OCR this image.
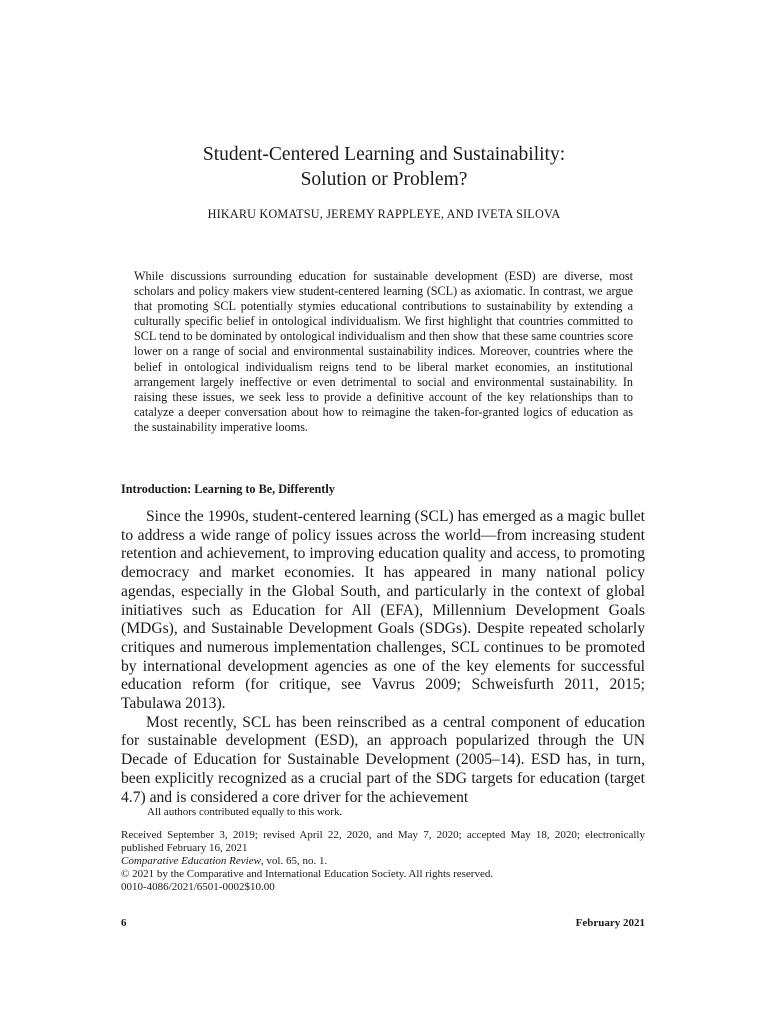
Student-Centered Learning and Sustainability:
Solution or Problem?
HIKARU KOMATSU, JEREMY RAPPLEYE, AND IVETA SILOVA
While discussions surrounding education for sustainable development (ESD) are diverse, most scholars and policy makers view student-centered learning (SCL) as axiomatic. In contrast, we argue that promoting SCL potentially stymies educational contributions to sustainability by extending a culturally specific belief in ontological individualism. We first highlight that countries committed to SCL tend to be dominated by ontological individualism and then show that these same countries score lower on a range of social and environmental sustainability indices. Moreover, countries where the belief in ontological individualism reigns tend to be liberal market economies, an institutional arrangement largely ineffective or even detrimental to social and environmental sustainability. In raising these issues, we seek less to provide a definitive account of the key relationships than to catalyze a deeper conversation about how to reimagine the taken-for-granted logics of education as the sustainability imperative looms.
Introduction: Learning to Be, Differently

Since the 1990s, student-centered learning (SCL) has emerged as a magic bullet to address a wide range of policy issues across the world—from increasing student retention and achievement, to improving education quality and access, to promoting democracy and market economies. It has appeared in many national policy agendas, especially in the Global South, and particularly in the context of global initiatives such as Education for All (EFA), Millennium Development Goals (MDGs), and Sustainable Development Goals (SDGs). Despite repeated scholarly critiques and numerous implementation challenges, SCL continues to be promoted by international development agencies as one of the key elements for successful education reform (for critique, see Vavrus 2009; Schweisfurth 2011, 2015; Tabulawa 2013).

Most recently, SCL has been reinscribed as a central component of education for sustainable development (ESD), an approach popularized through the UN Decade of Education for Sustainable Development (2005–14). ESD has, in turn, been explicitly recognized as a crucial part of the SDG targets for education (target 4.7) and is considered a core driver for the achievement

All authors contributed equally to this work.
Received September 3, 2019; revised April 22, 2020, and May 7, 2020; accepted May 18, 2020; electronically published February 16, 2021
Comparative Education Review, vol. 65, no. 1.
© 2021 by the Comparative and International Education Society. All rights reserved.
0010-4086/2021/6501-0002$10.00
6	February 2021
